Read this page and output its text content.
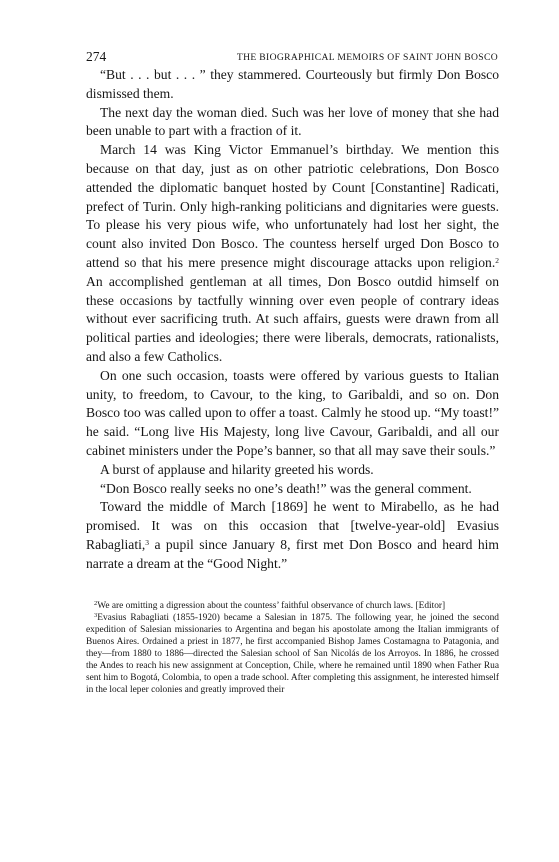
274	THE BIOGRAPHICAL MEMOIRS OF SAINT JOHN BOSCO

“But . . . but . . . ” they stammered. Courteously but firmly Don Bosco dismissed them.

The next day the woman died. Such was her love of money that she had been unable to part with a fraction of it.

March 14 was King Victor Emmanuel’s birthday. We mention this because on that day, just as on other patriotic celebrations, Don Bosco attended the diplomatic banquet hosted by Count [Constantine] Radicati, prefect of Turin. Only high-ranking politicians and dignitaries were guests. To please his very pious wife, who unfortunately had lost her sight, the count also invited Don Bosco. The countess herself urged Don Bosco to attend so that his mere presence might discourage attacks upon religion.$^2$ An accomplished gentleman at all times, Don Bosco outdid himself on these occasions by tactfully winning over even people of contrary ideas without ever sacrificing truth. At such affairs, guests were drawn from all political parties and ideologies; there were liberals, democrats, rationalists, and also a few Catholics.

On one such occasion, toasts were offered by various guests to Italian unity, to freedom, to Cavour, to the king, to Garibaldi, and so on. Don Bosco too was called upon to offer a toast. Calmly he stood up. “My toast!” he said. “Long live His Majesty, long live Cavour, Garibaldi, and all our cabinet ministers under the Pope’s banner, so that all may save their souls.”

A burst of applause and hilarity greeted his words.

“Don Bosco really seeks no one’s death!” was the general comment.

Toward the middle of March [1869] he went to Mirabello, as he had promised. It was on this occasion that [twelve-year-old] Evasius Rabagliati,$^3$ a pupil since January 8, first met Don Bosco and heard him narrate a dream at the “Good Night.”

$^2$We are omitting a digression about the countess’ faithful observance of church laws. [Editor]

$^3$Evasius Rabagliati (1855-1920) became a Salesian in 1875. The following year, he joined the second expedition of Salesian missionaries to Argentina and began his apostolate among the Italian immigrants of Buenos Aires. Ordained a priest in 1877, he first accompanied Bishop James Costamagna to Patagonia, and they—from 1880 to 1886—directed the Salesian school of San Nicolás de los Arroyos. In 1886, he crossed the Andes to reach his new assignment at Conception, Chile, where he remained until 1890 when Father Rua sent him to Bogotá, Colombia, to open a trade school. After completing this assignment, he interested himself in the local leper colonies and greatly improved their
